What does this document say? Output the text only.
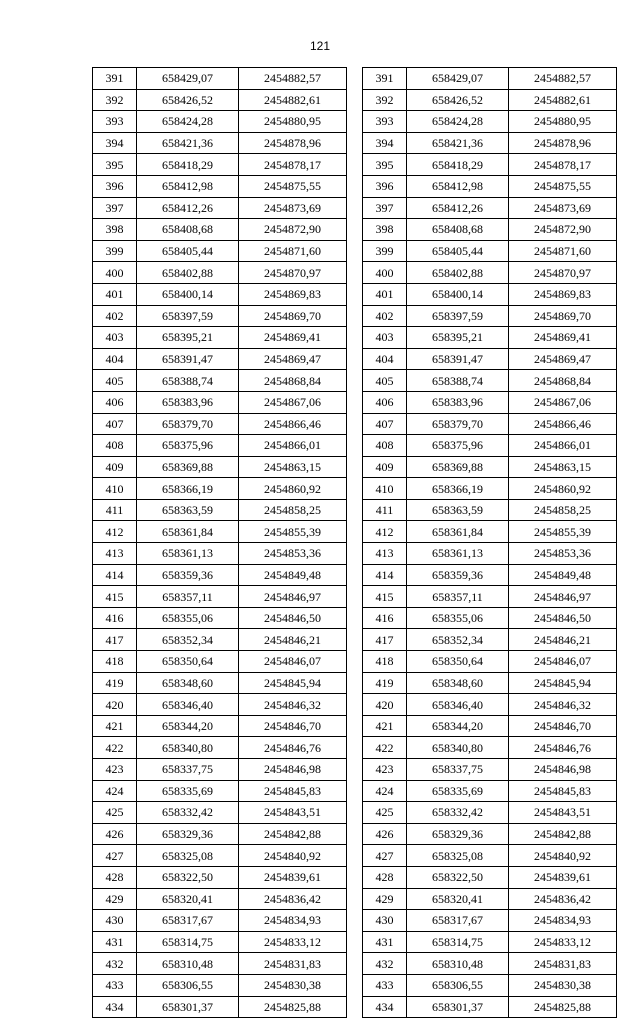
121
391	658429,07	2454882,57
392	658426,52	2454882,61
393	658424,28	2454880,95
394	658421,36	2454878,96
395	658418,29	2454878,17
396	658412,98	2454875,55
397	658412,26	2454873,69
398	658408,68	2454872,90
399	658405,44	2454871,60
400	658402,88	2454870,97
401	658400,14	2454869,83
402	658397,59	2454869,70
403	658395,21	2454869,41
404	658391,47	2454869,47
405	658388,74	2454868,84
406	658383,96	2454867,06
407	658379,70	2454866,46
408	658375,96	2454866,01
409	658369,88	2454863,15
410	658366,19	2454860,92
411	658363,59	2454858,25
412	658361,84	2454855,39
413	658361,13	2454853,36
414	658359,36	2454849,48
415	658357,11	2454846,97
416	658355,06	2454846,50
417	658352,34	2454846,21
418	658350,64	2454846,07
419	658348,60	2454845,94
420	658346,40	2454846,32
421	658344,20	2454846,70
422	658340,80	2454846,76
423	658337,75	2454846,98
424	658335,69	2454845,83
425	658332,42	2454843,51
426	658329,36	2454842,88
427	658325,08	2454840,92
428	658322,50	2454839,61
429	658320,41	2454836,42
430	658317,67	2454834,93
431	658314,75	2454833,12
432	658310,48	2454831,83
433	658306,55	2454830,38
434	658301,37	2454825,88
391	658429,07	2454882,57
392	658426,52	2454882,61
393	658424,28	2454880,95
394	658421,36	2454878,96
395	658418,29	2454878,17
396	658412,98	2454875,55
397	658412,26	2454873,69
398	658408,68	2454872,90
399	658405,44	2454871,60
400	658402,88	2454870,97
401	658400,14	2454869,83
402	658397,59	2454869,70
403	658395,21	2454869,41
404	658391,47	2454869,47
405	658388,74	2454868,84
406	658383,96	2454867,06
407	658379,70	2454866,46
408	658375,96	2454866,01
409	658369,88	2454863,15
410	658366,19	2454860,92
411	658363,59	2454858,25
412	658361,84	2454855,39
413	658361,13	2454853,36
414	658359,36	2454849,48
415	658357,11	2454846,97
416	658355,06	2454846,50
417	658352,34	2454846,21
418	658350,64	2454846,07
419	658348,60	2454845,94
420	658346,40	2454846,32
421	658344,20	2454846,70
422	658340,80	2454846,76
423	658337,75	2454846,98
424	658335,69	2454845,83
425	658332,42	2454843,51
426	658329,36	2454842,88
427	658325,08	2454840,92
428	658322,50	2454839,61
429	658320,41	2454836,42
430	658317,67	2454834,93
431	658314,75	2454833,12
432	658310,48	2454831,83
433	658306,55	2454830,38
434	658301,37	2454825,88
